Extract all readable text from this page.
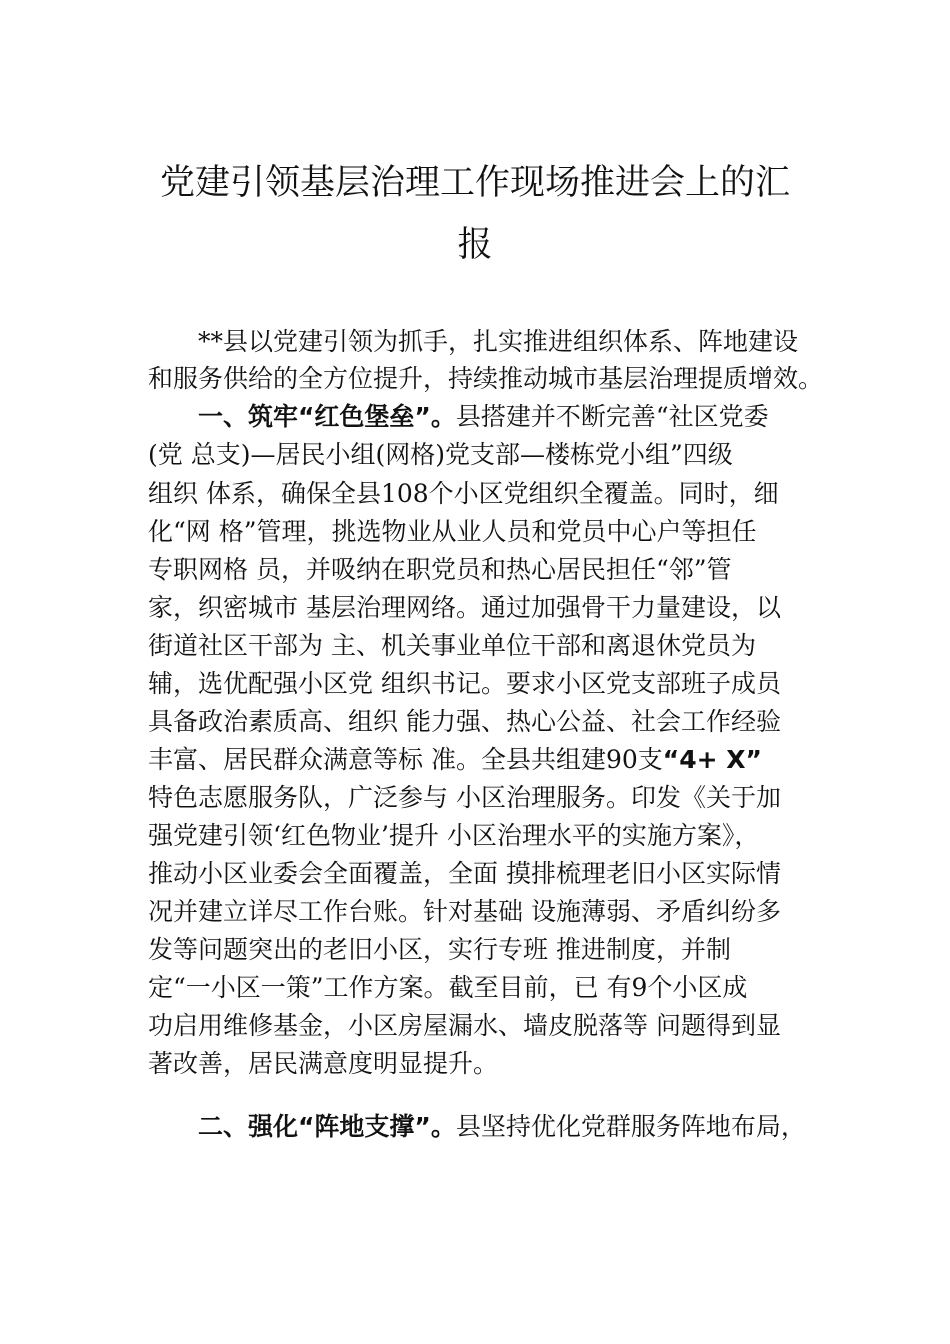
党建引领基层治理工作现场推进会上的汇
报

**县以党建引领为抓手，扎实推进组织体系、阵地建设

和服务供给的全方位提升，持续推动城市基层治理提质增效。

一、筑牢“红色堡垒”。县搭建并不断完善“社区党委

(党 总支)—居民小组(网格)党支部—楼栋党小组”四级

组织 体系，确保全县108个小区党组织全覆盖。同时，细

化“网 格”管理，挑选物业从业人员和党员中心户等担任

专职网格 员，并吸纳在职党员和热心居民担任“邻”管

家，织密城市 基层治理网络。通过加强骨干力量建设，以

街道社区干部为 主、机关事业单位干部和离退休党员为

辅，选优配强小区党 组织书记。要求小区党支部班子成员

具备政治素质高、组织 能力强、热心公益、社会工作经验

丰富、居民群众满意等标 准。全县共组建90支“4+ X”

特色志愿服务队，广泛参与 小区治理服务。印发《关于加

强党建引领‘红色物业’提升 小区治理水平的实施方案》，

推动小区业委会全面覆盖，全面 摸排梳理老旧小区实际情

况并建立详尽工作台账。针对基础 设施薄弱、矛盾纠纷多

发等问题突出的老旧小区，实行专班 推进制度，并制

定“一小区一策”工作方案。截至目前，已 有9个小区成

功启用维修基金，小区房屋漏水、墙皮脱落等 问题得到显

著改善，居民满意度明显提升。

二、强化“阵地支撑”。县坚持优化党群服务阵地布局，
